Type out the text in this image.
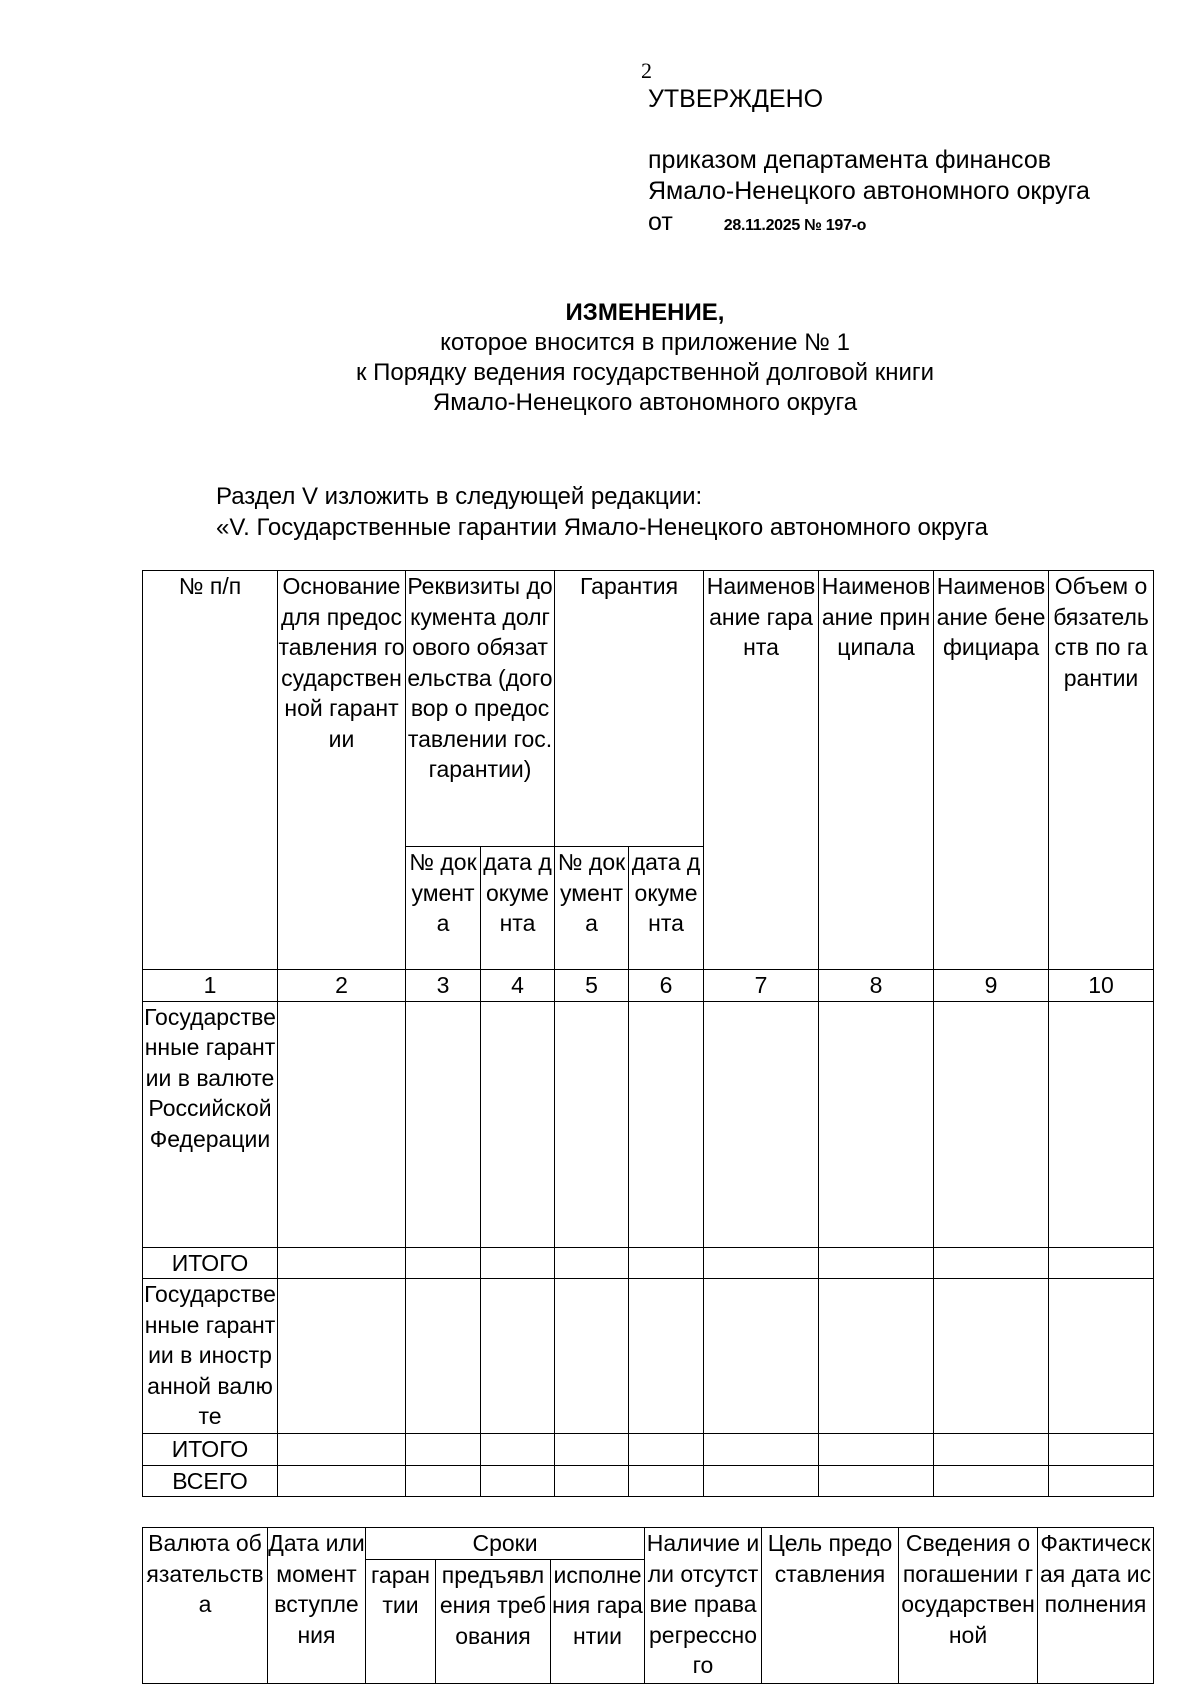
2
УТВЕРЖДЕНО
приказом департамента финансов
Ямало-Ненецкого автономного округа
от	28.11.2025 № 197-о
ИЗМЕНЕНИЕ,
которое вносится в приложение № 1
к Порядку ведения государственной долговой книги
Ямало-Ненецкого автономного округа
Раздел V изложить в следующей редакции:
«V. Государственные гарантии Ямало-Ненецкого автономного округа
№ п/п	Основание для предоставления государственной гарантии	Реквизиты документа долгового обязательства (договор о предоставлении гос. гарантии)		Гарантия		Наименование гаранта	Наименование принципала	Наименование бенефициара	Объем обязательств по гарантии
		№ документа	дата документа	№ документа	дата документа				
1	2	3	4	5	6	7	8	9	10
Государственные гарантии в валюте Российской Федерации									
ИТОГО									
Государственные гарантии в иностранной валюте									
ИТОГО									
ВСЕГО									
Валюта обязательства	Дата или момент вступления	Сроки			Наличие или отсутствие права регрессного	Цель предоставления	Сведения о погашении государственной	Фактическая дата исполнения
		гарантии	предъявления требования	исполнения гарантии				
